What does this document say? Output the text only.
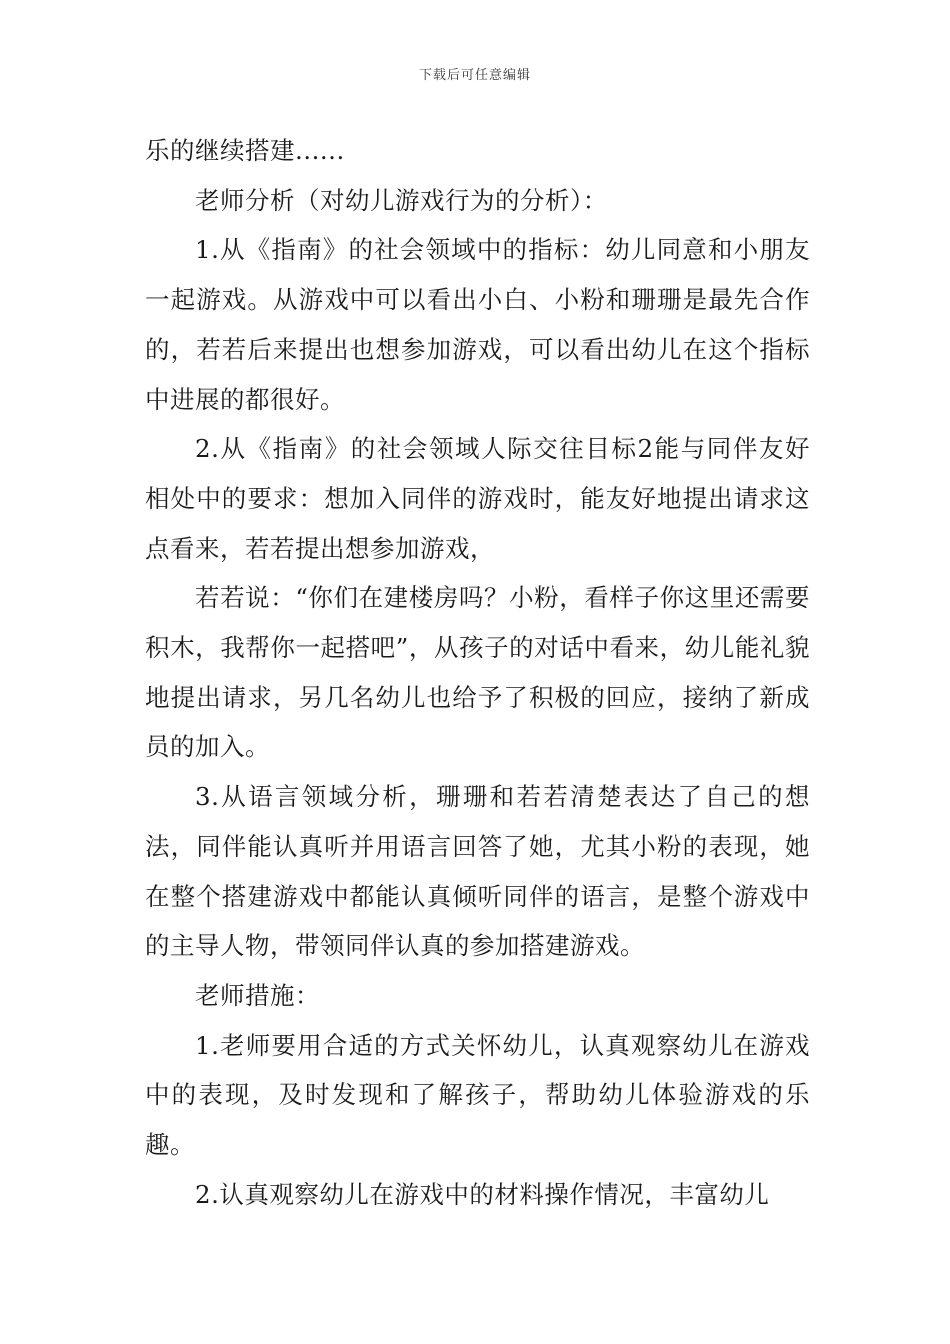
下载后可任意编辑

乐的继续搭建......

老师分析（对幼儿游戏行为的分析）：

1.从《指南》的社会领域中的指标：幼儿同意和小朋友一起游戏。从游戏中可以看出小白、小粉和珊珊是最先合作的，若若后来提出也想参加游戏，可以看出幼儿在这个指标中进展的都很好。

2.从《指南》的社会领域人际交往目标2能与同伴友好相处中的要求：想加入同伴的游戏时，能友好地提出请求这点看来，若若提出想参加游戏，

若若说：“你们在建楼房吗？小粉，看样子你这里还需要积木，我帮你一起搭吧”，从孩子的对话中看来，幼儿能礼貌地提出请求，另几名幼儿也给予了积极的回应，接纳了新成员的加入。

3.从语言领域分析，珊珊和若若清楚表达了自己的想法，同伴能认真听并用语言回答了她，尤其小粉的表现，她在整个搭建游戏中都能认真倾听同伴的语言，是整个游戏中的主导人物，带领同伴认真的参加搭建游戏。

老师措施：

1.老师要用合适的方式关怀幼儿，认真观察幼儿在游戏中的表现，及时发现和了解孩子，帮助幼儿体验游戏的乐趣。

2.认真观察幼儿在游戏中的材料操作情况，丰富幼儿
